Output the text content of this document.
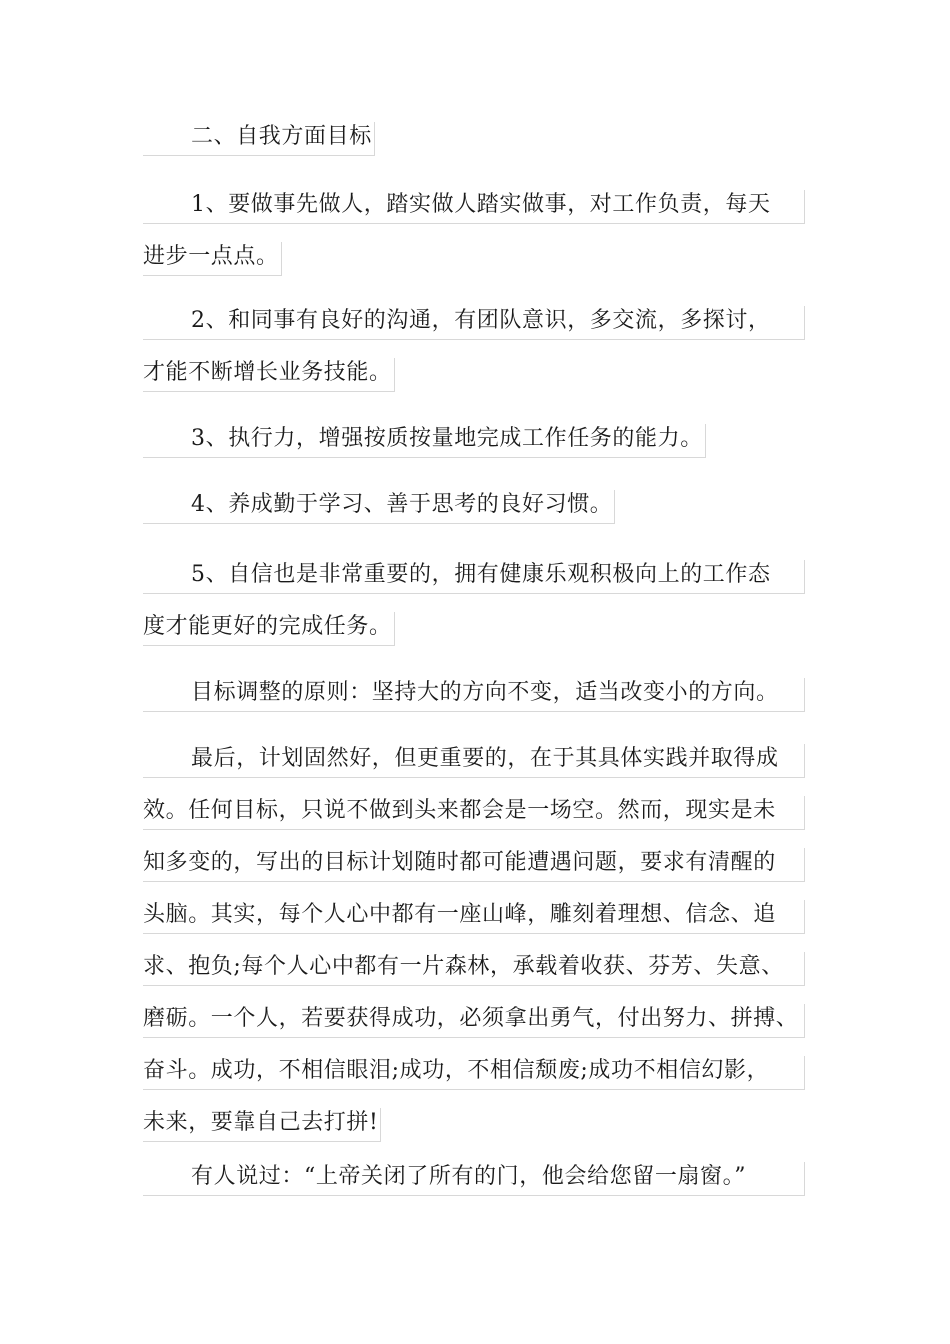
二、自我方面目标
1、要做事先做人，踏实做人踏实做事，对工作负责，每天
进步一点点。
2、和同事有良好的沟通，有团队意识，多交流，多探讨，
才能不断增长业务技能。
3、执行力，增强按质按量地完成工作任务的能力。
4、养成勤于学习、善于思考的良好习惯。
5、自信也是非常重要的，拥有健康乐观积极向上的工作态
度才能更好的完成任务。
目标调整的原则：坚持大的方向不变，适当改变小的方向。
最后，计划固然好，但更重要的，在于其具体实践并取得成
效。任何目标，只说不做到头来都会是一场空。然而，现实是未
知多变的，写出的目标计划随时都可能遭遇问题，要求有清醒的
头脑。其实，每个人心中都有一座山峰，雕刻着理想、信念、追
求、抱负;每个人心中都有一片森林，承载着收获、芬芳、失意、
磨砺。一个人，若要获得成功，必须拿出勇气，付出努力、拼搏、
奋斗。成功，不相信眼泪;成功，不相信颓废;成功不相信幻影，
未来，要靠自己去打拼!
有人说过：“上帝关闭了所有的门，他会给您留一扇窗。”
